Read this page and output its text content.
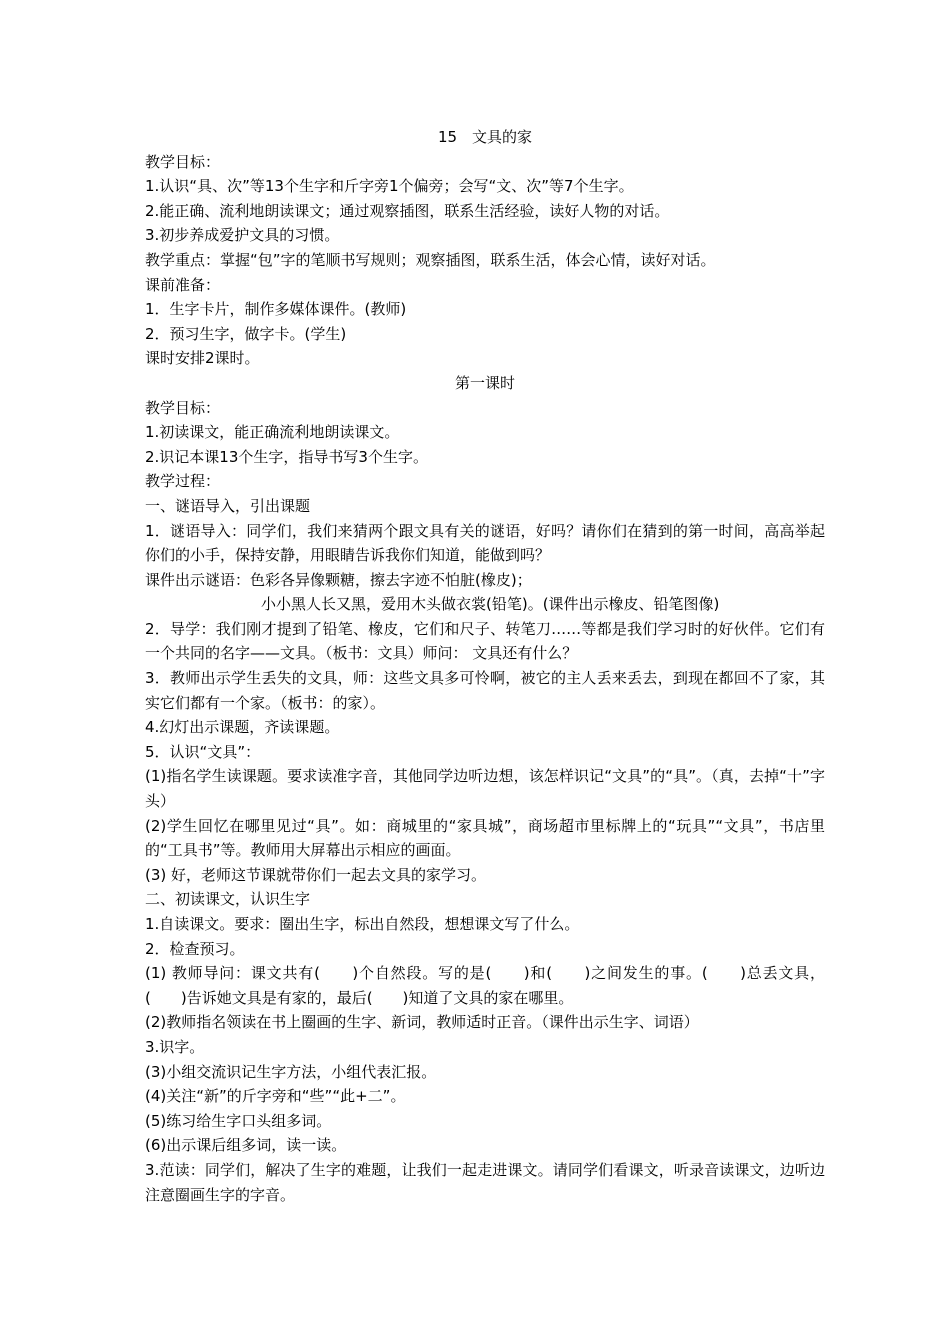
15　文具的家
教学目标：
1.认识“具、次”等13个生字和斤字旁1个偏旁；会写“文、次”等7个生字。
2.能正确、流利地朗读课文；通过观察插图，联系生活经验，读好人物的对话。
3.初步养成爱护文具的习惯。
教学重点：掌握“包”字的笔顺书写规则；观察插图，联系生活，体会心情，读好对话。
课前准备：
1．生字卡片，制作多媒体课件。(教师)
2．预习生字，做字卡。(学生)
课时安排2课时。
第一课时
教学目标：
1.初读课文，能正确流利地朗读课文。
2.识记本课13个生字，指导书写3个生字。
教学过程：
一、谜语导入，引出课题
1．谜语导入：同学们，我们来猜两个跟文具有关的谜语，好吗？请你们在猜到的第一时间，高高举起你们的小手，保持安静，用眼睛告诉我你们知道，能做到吗？
课件出示谜语：色彩各异像颗糖，擦去字迹不怕脏(橡皮)；
小小黑人长又黑，爱用木头做衣裳(铅笔)。(课件出示橡皮、铅笔图像)
2．导学：我们刚才提到了铅笔、橡皮，它们和尺子、转笔刀……等都是我们学习时的好伙伴。它们有一个共同的名字——文具。（板书：文具）师问： 文具还有什么？
3．教师出示学生丢失的文具，师：这些文具多可怜啊，被它的主人丢来丢去，到现在都回不了家，其实它们都有一个家。（板书：的家）。
4.幻灯出示课题，齐读课题。
5．认识“文具”：
(1)指名学生读课题。要求读准字音，其他同学边听边想，该怎样识记“文具”的“具”。（真，去掉“十”字头）
(2)学生回忆在哪里见过“具”。如：商城里的“家具城”，商场超市里标牌上的“玩具”“文具”，书店里的“工具书”等。教师用大屏幕出示相应的画面。
(3) 好，老师这节课就带你们一起去文具的家学习。
二、初读课文，认识生字
1.自读课文。要求：圈出生字，标出自然段，想想课文写了什么。
2．检查预习。
(1) 教师导问：课文共有(　　)个自然段。写的是(　　)和(　　)之间发生的事。(　　)总丢文具，(　　)告诉她文具是有家的，最后(　　)知道了文具的家在哪里。
(2)教师指名领读在书上圈画的生字、新词，教师适时正音。（课件出示生字、词语）
3.识字。
(3)小组交流识记生字方法，小组代表汇报。
(4)关注“新”的斤字旁和“些”“此+二”。
(5)练习给生字口头组多词。
(6)出示课后组多词，读一读。
3.范读：同学们，解决了生字的难题，让我们一起走进课文。请同学们看课文，听录音读课文，边听边注意圈画生字的字音。
